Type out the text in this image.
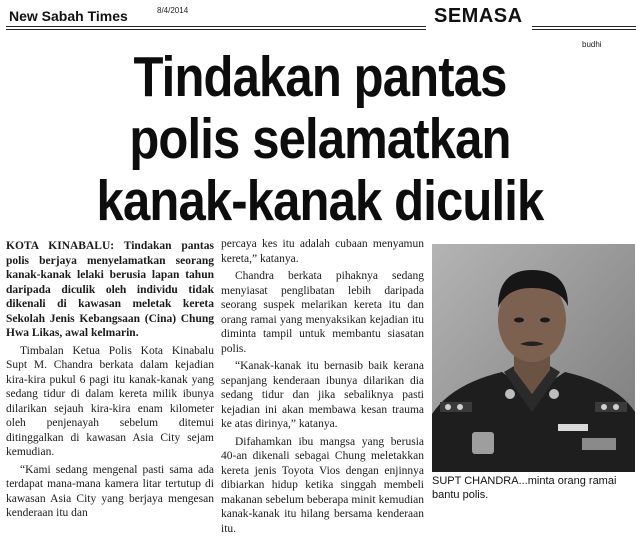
New Sabah Times	8/4/2014	SEMASA
budhi
Tindakan pantas
polis selamatkan
kanak-kanak diculik

KOTA KINABALU: Tindakan pantas polis berjaya menyelamatkan seorang kanak-kanak lelaki berusia lapan tahun daripada diculik oleh individu tidak dikenali di kawasan meletak kereta Sekolah Jenis Kebangsaan (Cina) Chung Hwa Likas, awal kelmarin.

Timbalan Ketua Polis Kota Kinabalu Supt M. Chandra berkata dalam kejadian kira-kira pukul 6 pagi itu kanak-kanak yang sedang tidur di dalam kereta milik ibunya dilarikan sejauh kira-kira enam kilometer oleh penjenayah sebelum ditemui ditinggalkan di kawasan Asia City sejam kemudian.

“Kami sedang mengenal pasti sama ada terdapat mana-mana kamera litar tertutup di kawasan Asia City yang berjaya mengesan kenderaan itu dan

percaya kes itu adalah cubaan menyamun kereta,” katanya.

Chandra berkata pihaknya sedang menyiasat penglibatan lebih daripada seorang suspek melarikan kereta itu dan orang ramai yang menyaksikan kejadian itu diminta tampil untuk membantu siasatan polis.

“Kanak-kanak itu bernasib baik kerana sepanjang kenderaan ibunya dilarikan dia sedang tidur dan jika sebaliknya pasti kejadian ini akan membawa kesan trauma ke atas dirinya,” katanya.

Difahamkan ibu mangsa yang berusia 40-an dikenali sebagai Chung meletakkan kereta jenis Toyota Vios dengan enjinnya dibiarkan hidup ketika singgah membeli makanan sebelum beberapa minit kemudian kanak-kanak itu hilang bersama kenderaan itu.

SUPT CHANDRA...minta orang ramai bantu polis.
